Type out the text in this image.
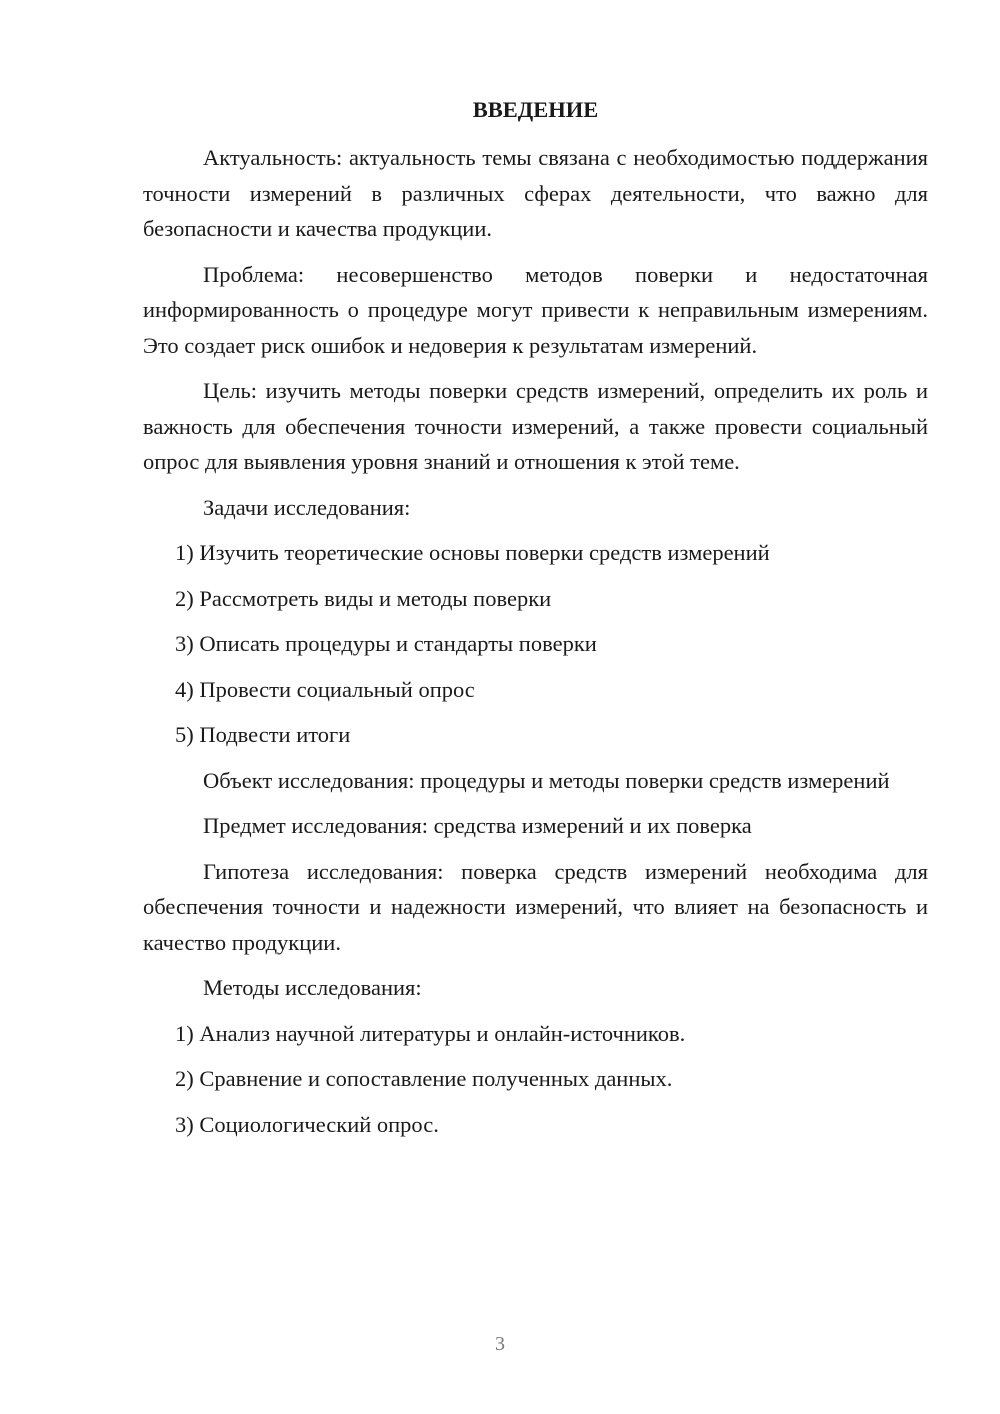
ВВЕДЕНИЕ

Актуальность: актуальность темы связана с необходимостью поддержания точности измерений в различных сферах деятельности, что важно для безопасности и качества продукции.

Проблема: несовершенство методов поверки и недостаточная информированность о процедуре могут привести к неправильным измерениям. Это создает риск ошибок и недоверия к результатам измерений.

Цель: изучить методы поверки средств измерений, определить их роль и важность для обеспечения точности измерений, а также провести социальный опрос для выявления уровня знаний и отношения к этой теме.

Задачи исследования:

1) Изучить теоретические основы поверки средств измерений
2) Рассмотреть виды и методы поверки
3) Описать процедуры и стандарты поверки
4) Провести социальный опрос
5) Подвести итоги

Объект исследования: процедуры и методы поверки средств измерений

Предмет исследования: средства измерений и их поверка

Гипотеза исследования: поверка средств измерений необходима для обеспечения точности и надежности измерений, что влияет на безопасность и качество продукции.

Методы исследования:

1) Анализ научной литературы и онлайн-источников.
2) Сравнение и сопоставление полученных данных.
3) Социологический опрос.
3
